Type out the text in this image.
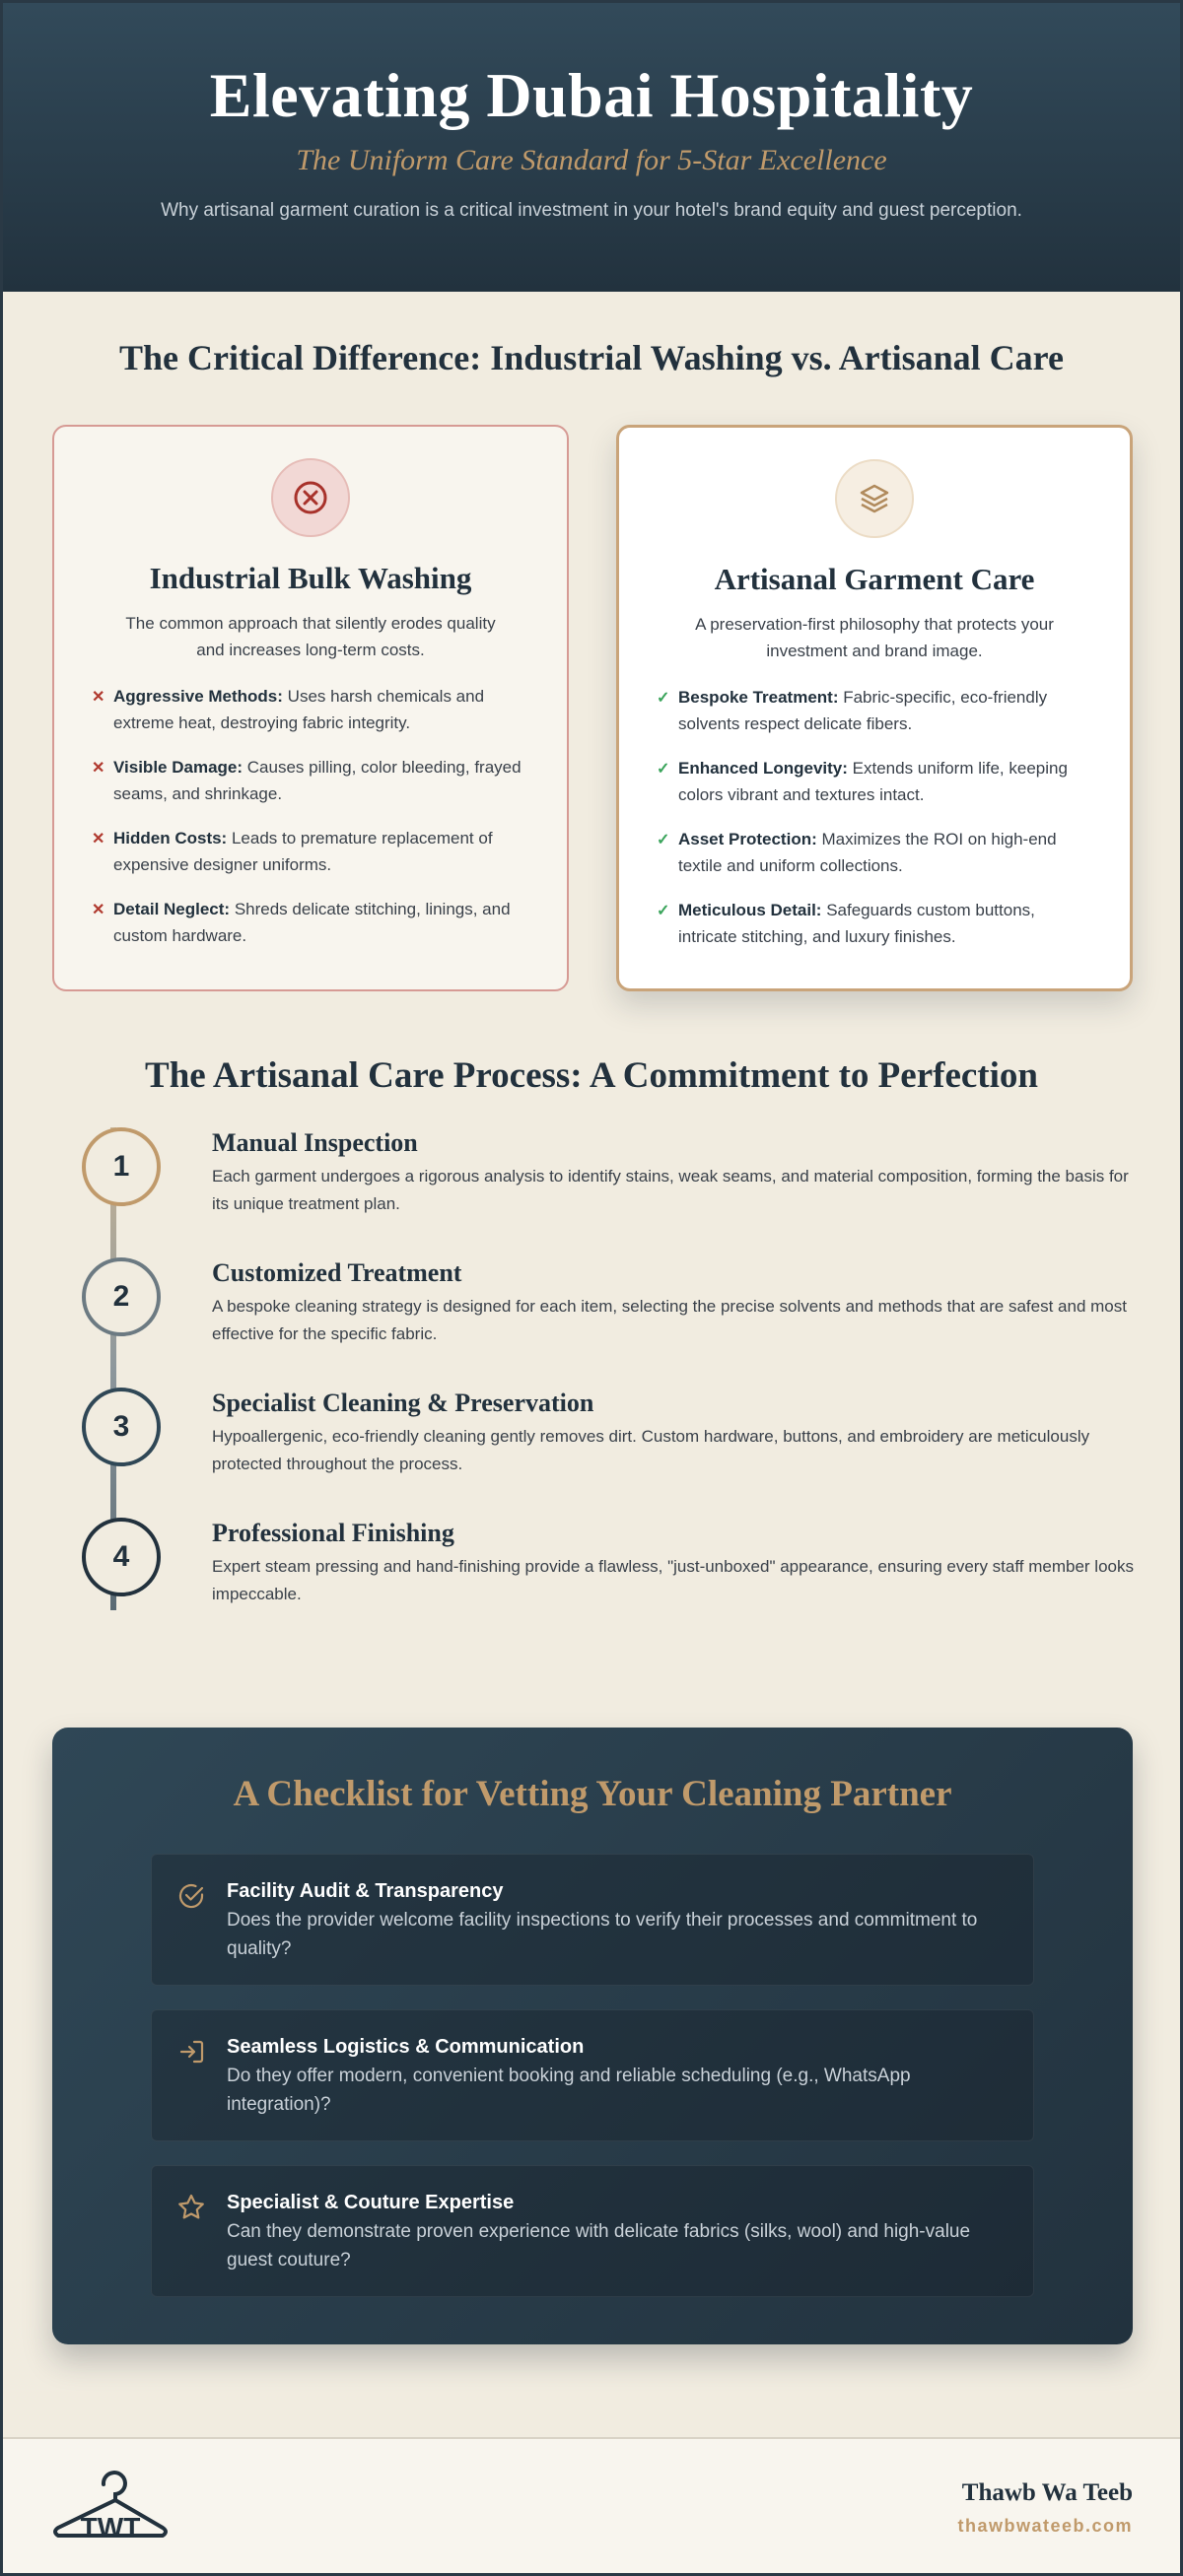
Elevating Dubai Hospitality
The Uniform Care Standard for 5-Star Excellence

Why artisanal garment curation is a critical investment in your hotel's brand equity and guest perception.

The Critical Difference: Industrial Washing vs. Artisanal Care
Industrial Bulk Washing

The common approach that silently erodes quality and increases long-term costs.

✕ Aggressive Methods: Uses harsh chemicals and extreme heat, destroying fabric integrity.
✕ Visible Damage: Causes pilling, color bleeding, frayed seams, and shrinkage.
✕ Hidden Costs: Leads to premature replacement of expensive designer uniforms.
✕ Detail Neglect: Shreds delicate stitching, linings, and custom hardware.
Artisanal Garment Care

A preservation-first philosophy that protects your investment and brand image.

✓ Bespoke Treatment: Fabric-specific, eco-friendly solvents respect delicate fibers.
✓ Enhanced Longevity: Extends uniform life, keeping colors vibrant and textures intact.
✓ Asset Protection: Maximizes the ROI on high-end textile and uniform collections.
✓ Meticulous Detail: Safeguards custom buttons, intricate stitching, and luxury finishes.
The Artisanal Care Process: A Commitment to Perfection
1
Manual Inspection

Each garment undergoes a rigorous analysis to identify stains, weak seams, and material composition, forming the basis for its unique treatment plan.

2
Customized Treatment

A bespoke cleaning strategy is designed for each item, selecting the precise solvents and methods that are safest and most effective for the specific fabric.

3
Specialist Cleaning & Preservation

Hypoallergenic, eco-friendly cleaning gently removes dirt. Custom hardware, buttons, and embroidery are meticulously protected throughout the process.

4
Professional Finishing

Expert steam pressing and hand-finishing provide a flawless, "just-unboxed" appearance, ensuring every staff member looks impeccable.

A Checklist for Vetting Your Cleaning Partner
Facility Audit & Transparency
Does the provider welcome facility inspections to verify their processes and commitment to quality?
Seamless Logistics & Communication
Do they offer modern, convenient booking and reliable scheduling (e.g., WhatsApp integration)?
Specialist & Couture Expertise
Can they demonstrate proven experience with delicate fabrics (silks, wool) and high-value guest couture?
TWT
Thawb Wa Teeb
thawbwateeb.com
